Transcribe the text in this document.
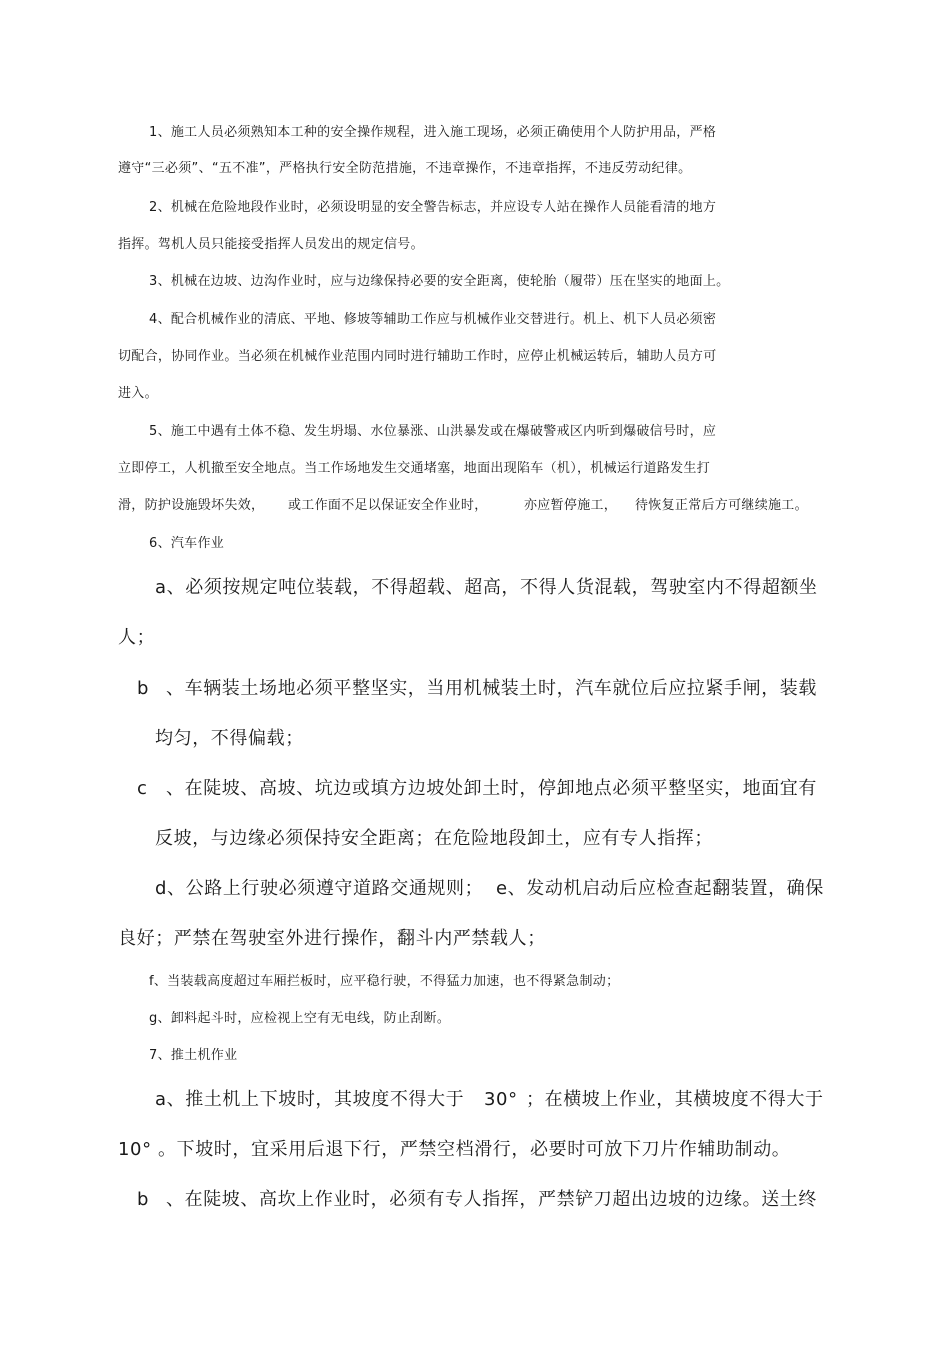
1、施工人员必须熟知本工种的安全操作规程，进入施工现场，必须正确使用个人防护用品，严格
遵守“三必须”、“五不准”，严格执行安全防范措施，不违章操作，不违章指挥，不违反劳动纪律。
2、机械在危险地段作业时，必须设明显的安全警告标志，并应设专人站在操作人员能看清的地方
指挥。驾机人员只能接受指挥人员发出的规定信号。
3、机械在边坡、边沟作业时，应与边缘保持必要的安全距离，使轮胎（履带）压在坚实的地面上。
4、配合机械作业的清底、平地、修坡等辅助工作应与机械作业交替进行。机上、机下人员必须密
切配合，协同作业。当必须在机械作业范围内同时进行辅助工作时，应停止机械运转后，辅助人员方可
进入。
5、施工中遇有土体不稳、发生坍塌、水位暴涨、山洪暴发或在爆破警戒区内听到爆破信号时，应
立即停工，人机撤至安全地点。当工作场地发生交通堵塞，地面出现陷车（机），机械运行道路发生打
滑，防护设施毁坏失效， 或工作面不足以保证安全作业时，	亦应暂停施工， 待恢复正常后方可继续施工。
6、汽车作业
a、必须按规定吨位装载，不得超载、超高，不得人货混载，驾驶室内不得超额坐
人；
b 、车辆装土场地必须平整坚实，当用机械装土时，汽车就位后应拉紧手闸，装载
均匀，不得偏载；
c 、在陡坡、高坡、坑边或填方边坡处卸土时，停卸地点必须平整坚实，地面宜有
反坡，与边缘必须保持安全距离；在危险地段卸土，应有专人指挥；
d、公路上行驶必须遵守道路交通规则； e、发动机启动后应检查起翻装置，确保
良好；严禁在驾驶室外进行操作，翻斗内严禁载人；
f、当装载高度超过车厢拦板时，应平稳行驶，不得猛力加速，也不得紧急制动；
g、卸料起斗时，应检视上空有无电线，防止刮断。
7、推土机作业
a、推土机上下坡时，其坡度不得大于 30° ；在横坡上作业，其横坡度不得大于
10° 。下坡时，宜采用后退下行，严禁空档滑行，必要时可放下刀片作辅助制动。
b 、在陡坡、高坎上作业时，必须有专人指挥，严禁铲刀超出边坡的边缘。送土终
